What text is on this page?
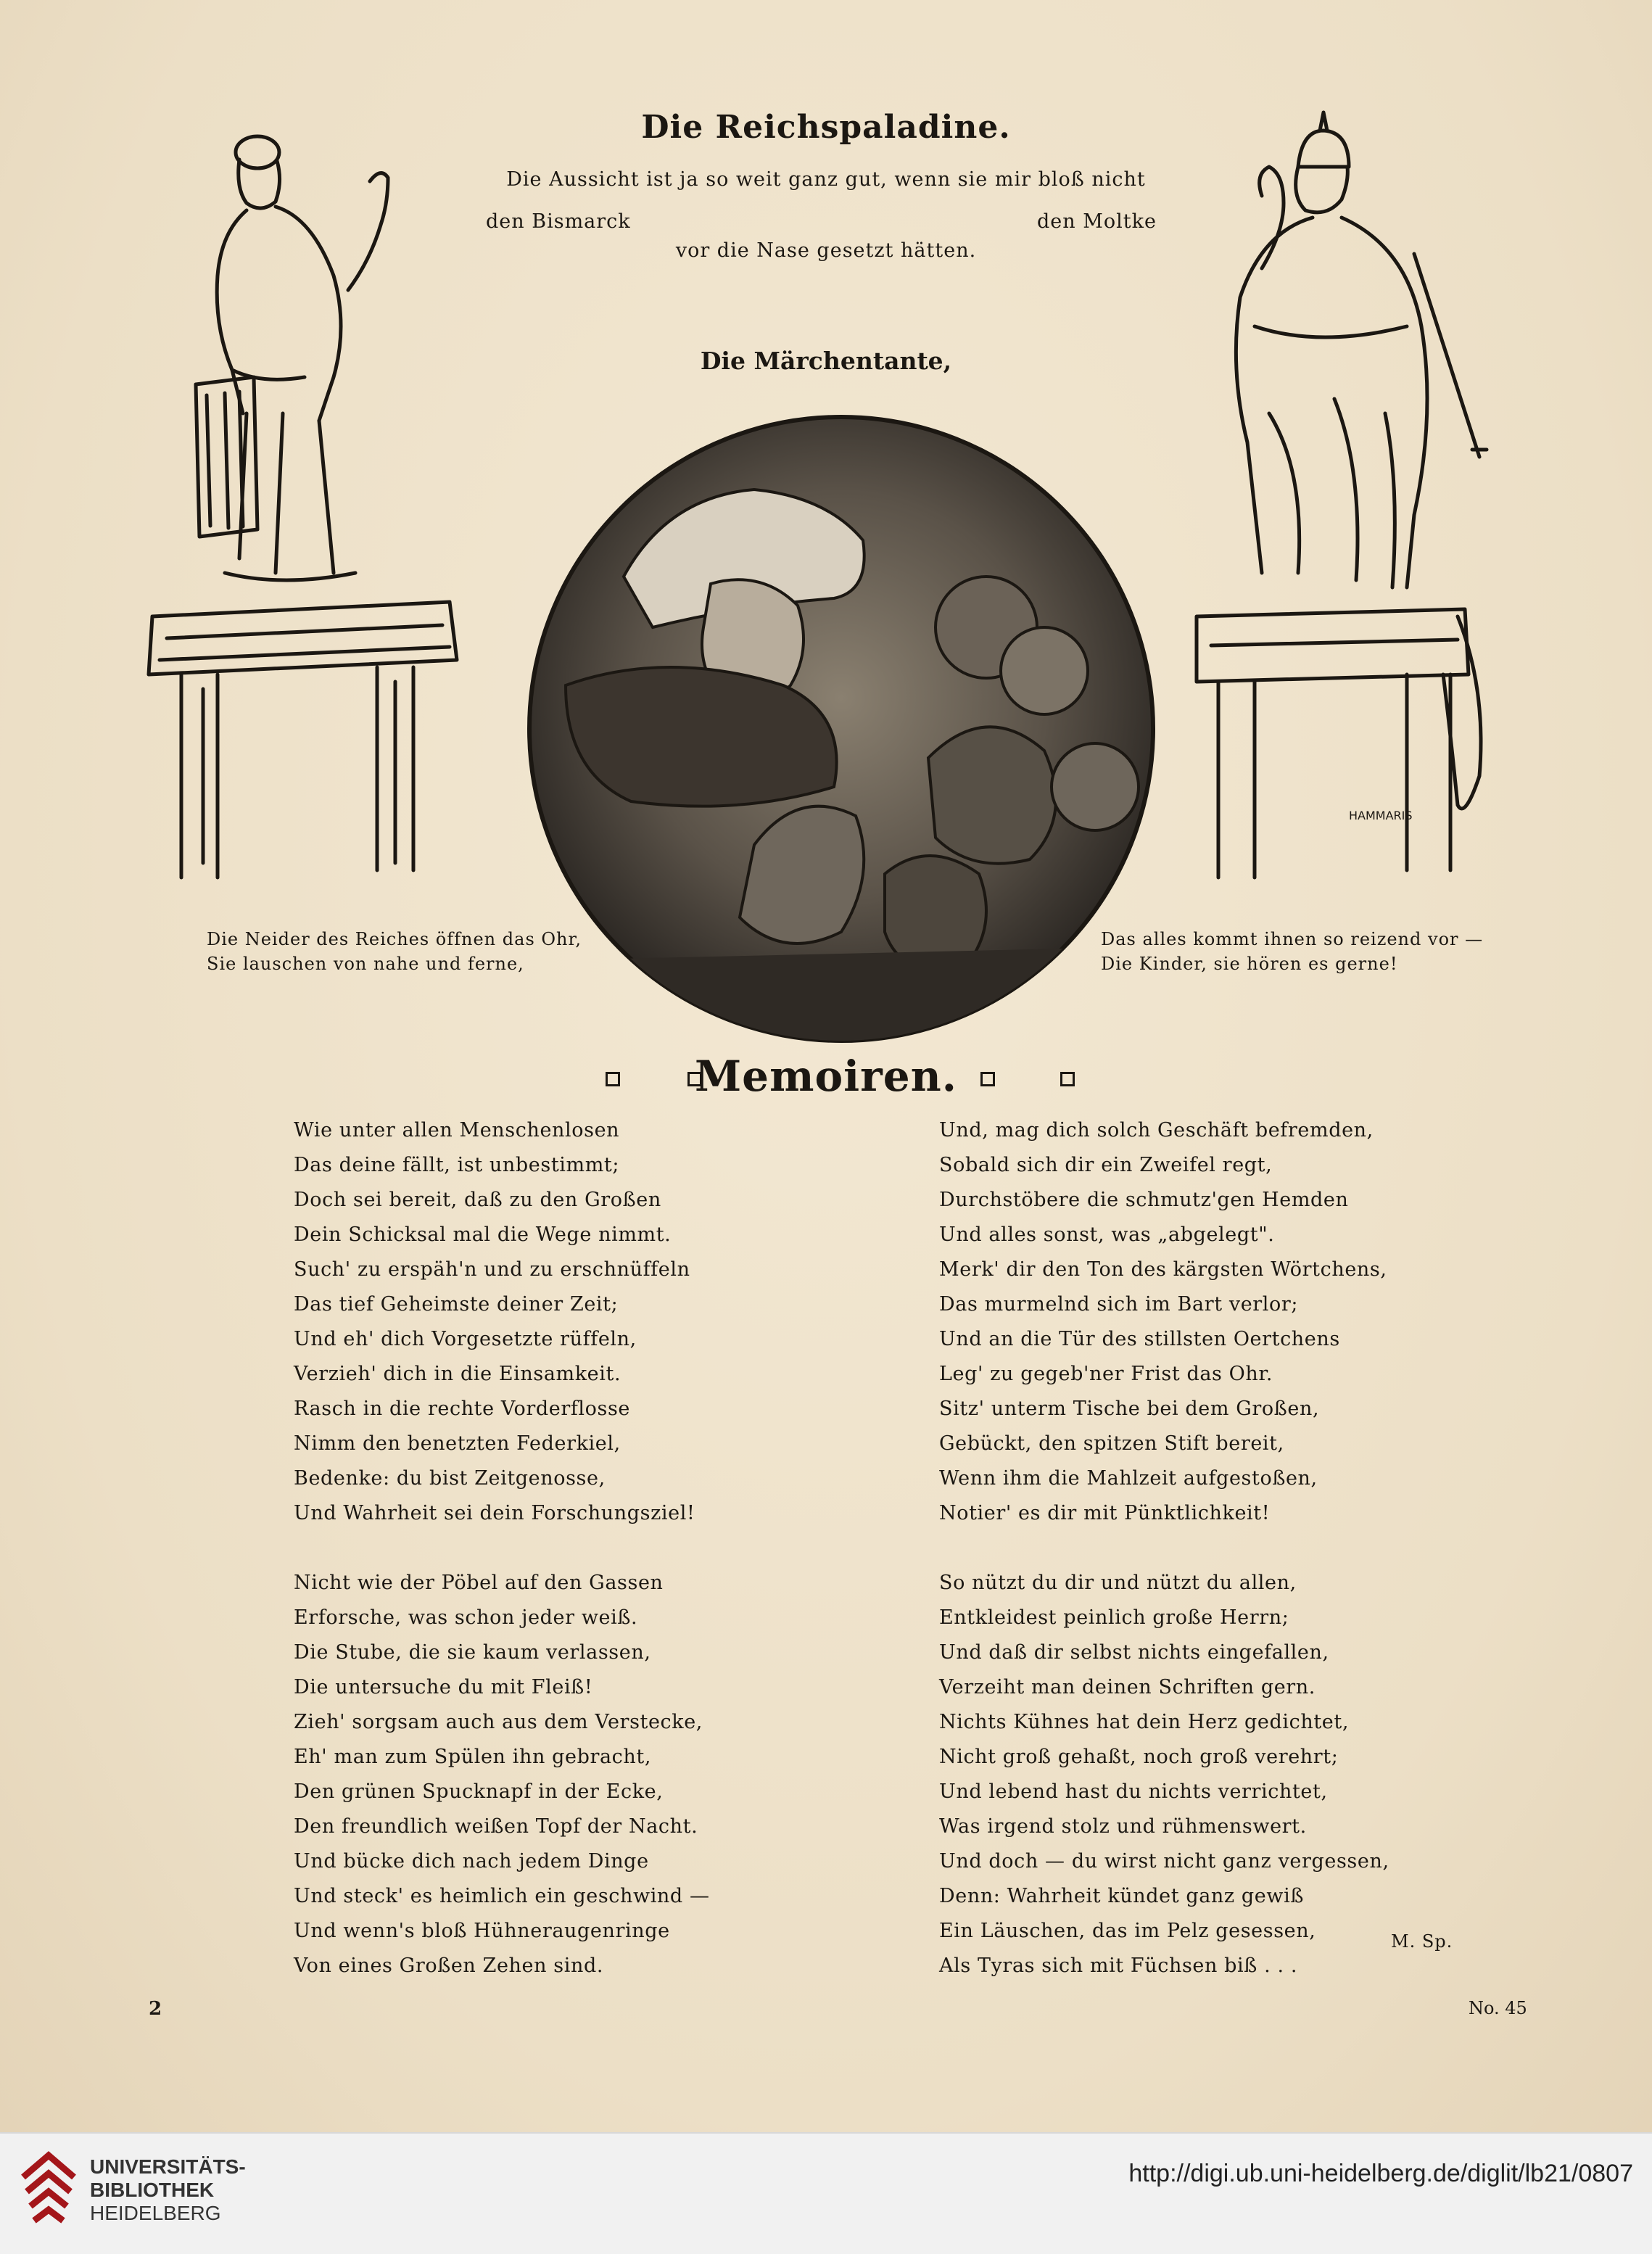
Die Reichspaladine.
Die Aussicht ist ja so weit ganz gut, wenn sie mir bloß nicht
den Bismarck	den Moltke
vor die Nase gesetzt hätten.
Die Märchentante,
HAMMARIS
Die Neider des Reiches öffnen das Ohr,
Sie lauschen von nahe und ferne,
Das alles kommt ihnen so reizend vor —
Die Kinder, sie hören es gerne!
Memoiren.
Wie unter allen Menschenlosen
Das deine fällt, ist unbestimmt;
Doch sei bereit, daß zu den Großen
Dein Schicksal mal die Wege nimmt.
Such' zu erspäh'n und zu erschnüffeln
Das tief Geheimste deiner Zeit;
Und eh' dich Vorgesetzte rüffeln,
Verzieh' dich in die Einsamkeit.
Rasch in die rechte Vorderflosse
Nimm den benetzten Federkiel,
Bedenke: du bist Zeitgenosse,
Und Wahrheit sei dein Forschungsziel!
Nicht wie der Pöbel auf den Gassen
Erforsche, was schon jeder weiß.
Die Stube, die sie kaum verlassen,
Die untersuche du mit Fleiß!
Zieh' sorgsam auch aus dem Verstecke,
Eh' man zum Spülen ihn gebracht,
Den grünen Spucknapf in der Ecke,
Den freundlich weißen Topf der Nacht.
Und bücke dich nach jedem Dinge
Und steck' es heimlich ein geschwind —
Und wenn's bloß Hühneraugenringe
Von eines Großen Zehen sind.
Und, mag dich solch Geschäft befremden,
Sobald sich dir ein Zweifel regt,
Durchstöbere die schmutz'gen Hemden
Und alles sonst, was „abgelegt".
Merk' dir den Ton des kärgsten Wörtchens,
Das murmelnd sich im Bart verlor;
Und an die Tür des stillsten Oertchens
Leg' zu gegeb'ner Frist das Ohr.
Sitz' unterm Tische bei dem Großen,
Gebückt, den spitzen Stift bereit,
Wenn ihm die Mahlzeit aufgestoßen,
Notier' es dir mit Pünktlichkeit!
So nützt du dir und nützt du allen,
Entkleidest peinlich große Herrn;
Und daß dir selbst nichts eingefallen,
Verzeiht man deinen Schriften gern.
Nichts Kühnes hat dein Herz gedichtet,
Nicht groß gehaßt, noch groß verehrt;
Und lebend hast du nichts verrichtet,
Was irgend stolz und rühmenswert.
Und doch — du wirst nicht ganz vergessen,
Denn: Wahrheit kündet ganz gewiß
Ein Läuschen, das im Pelz gesessen,
Als Tyras sich mit Füchsen biß . . .
M. Sp.
2	No. 45
UNIVERSITÄTS-
BIBLIOTHEK
HEIDELBERG
http://digi.ub.uni-heidelberg.de/diglit/lb21/0807
